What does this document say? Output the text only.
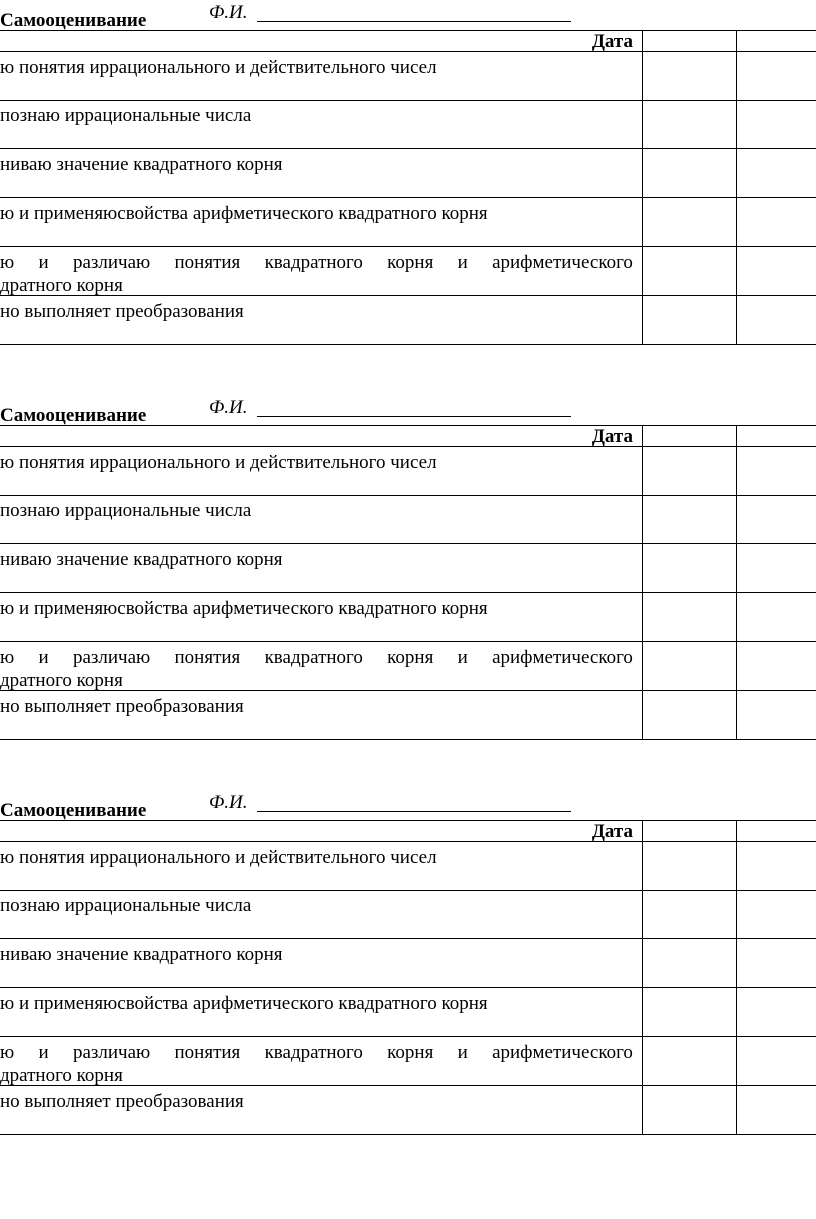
Самооценивание	Ф.И.
Дата
ю понятия иррационального и действительного чисел
познаю иррациональные числа
ниваю значение квадратного корня
ю и применяюсвойства арифметического квадратного корня
ю и различаю понятия квадратного корня и арифметического
дратного корня
но выполняет преобразования
Самооценивание	Ф.И.
Дата
ю понятия иррационального и действительного чисел
познаю иррациональные числа
ниваю значение квадратного корня
ю и применяюсвойства арифметического квадратного корня
ю и различаю понятия квадратного корня и арифметического
дратного корня
но выполняет преобразования
Самооценивание	Ф.И.
Дата
ю понятия иррационального и действительного чисел
познаю иррациональные числа
ниваю значение квадратного корня
ю и применяюсвойства арифметического квадратного корня
ю и различаю понятия квадратного корня и арифметического
дратного корня
но выполняет преобразования
